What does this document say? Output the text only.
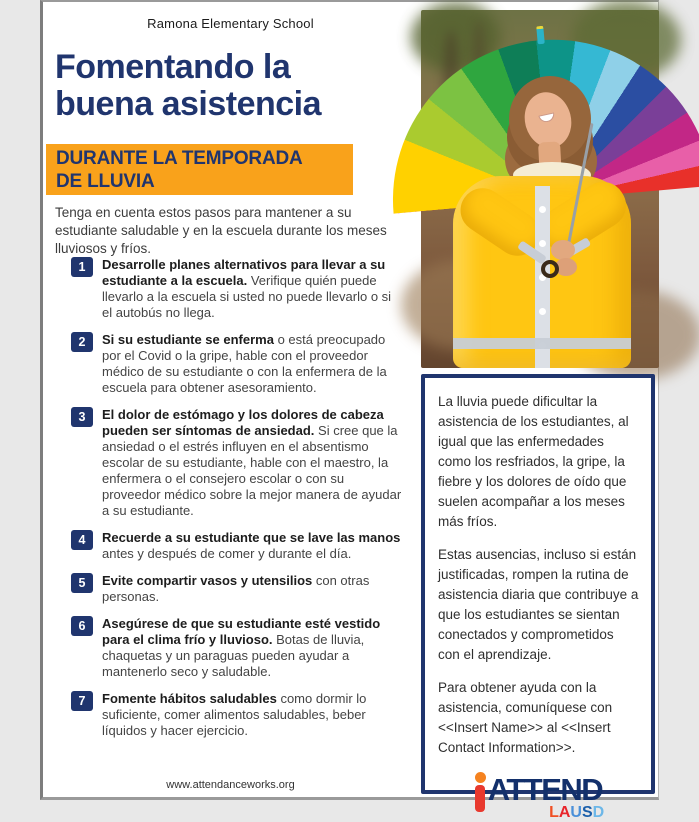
Ramona Elementary School
Fomentando la
buena asistencia
DURANTE LA TEMPORADA
DE LLUVIA

Tenga en cuenta estos pasos para mantener a su estudiante saludable y en la escuela durante los meses lluviosos y fríos.

1	Desarrolle planes alternativos para llevar a su estudiante a la escuela. Verifique quién puede llevarlo a la escuela si usted no puede llevarlo o si el autobús no llega.

2	Si su estudiante se enferma o está preocupado por el Covid o la gripe, hable con el proveedor médico de su estudiante o con la enfermera de la escuela para obtener asesoramiento.

3	El dolor de estómago y los dolores de cabeza pueden ser síntomas de ansiedad. Si cree que la ansiedad o el estrés influyen en el absentismo escolar de su estudiante, hable con el maestro, la enfermera o el consejero escolar o con su proveedor médico sobre la mejor manera de ayudar a su estudiante.

4	Recuerde a su estudiante que se lave las manos antes y después de comer y durante el día.

5	Evite compartir vasos y utensilios con otras personas.

6	Asegúrese de que su estudiante esté vestido para el clima frío y lluvioso. Botas de lluvia, chaquetas y un paraguas pueden ayudar a mantenerlo seco y saludable.

7	Fomente hábitos saludables como dormir lo suficiente, comer alimentos saludables, beber líquidos y hacer ejercicio.

www.attendanceworks.org

La lluvia puede dificultar la asistencia de los estudiantes, al igual que las enfermedades como los resfriados, la gripe, la fiebre y los dolores de oído que suelen acompañar a los meses más fríos.

Estas ausencias, incluso si están justificadas, rompen la rutina de asistencia diaria que contribuye a que los estudiantes se sientan conectados y comprometidos con el aprendizaje.

Para obtener ayuda con la asistencia, comuníquese con <<Insert Name>> al <<Insert Contact Information>>.

ATTEND
LAUSD
